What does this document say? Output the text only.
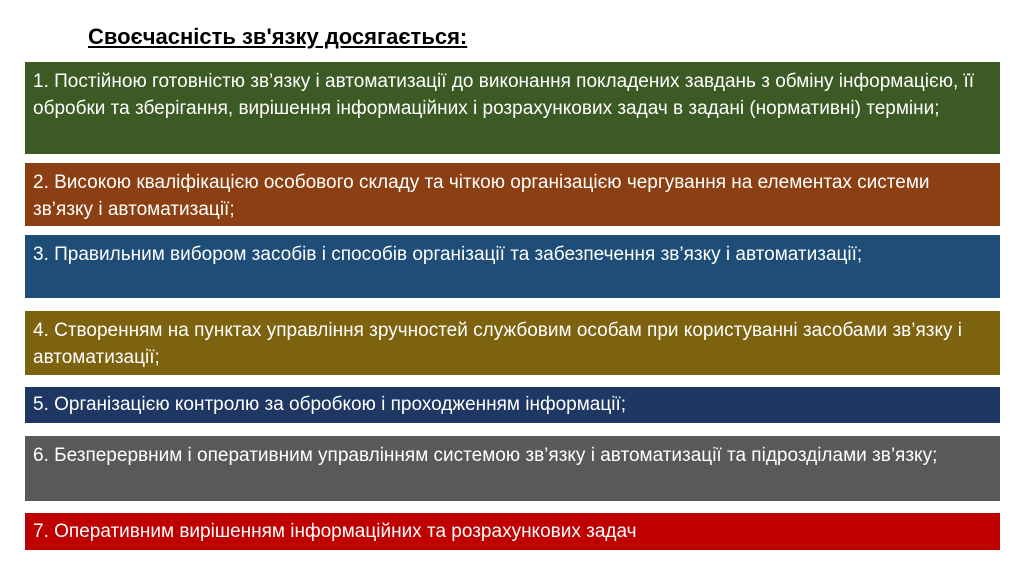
Своєчасність зв'язку досягається:
1. Постійною готовністю зв’язку і автоматизації до виконання покладених завдань з обміну інформацією, її обробки та зберігання, вирішення інформаційних і розрахункових задач в задані (нормативні) терміни;
2. Високою кваліфікацією особового складу та чіткою організацією чергування на елементах системи зв’язку і автоматизації;
3. Правильним вибором засобів і способів організації та забезпечення зв’язку і автоматизації;
4. Створенням на пунктах управління зручностей службовим особам при користуванні засобами зв’язку і автоматизації;
5. Організацією контролю за обробкою і проходженням інформації;
6. Безперервним і оперативним управлінням системою зв’язку і автоматизації та підрозділами зв’язку;
7. Оперативним вирішенням інформаційних та розрахункових задач
